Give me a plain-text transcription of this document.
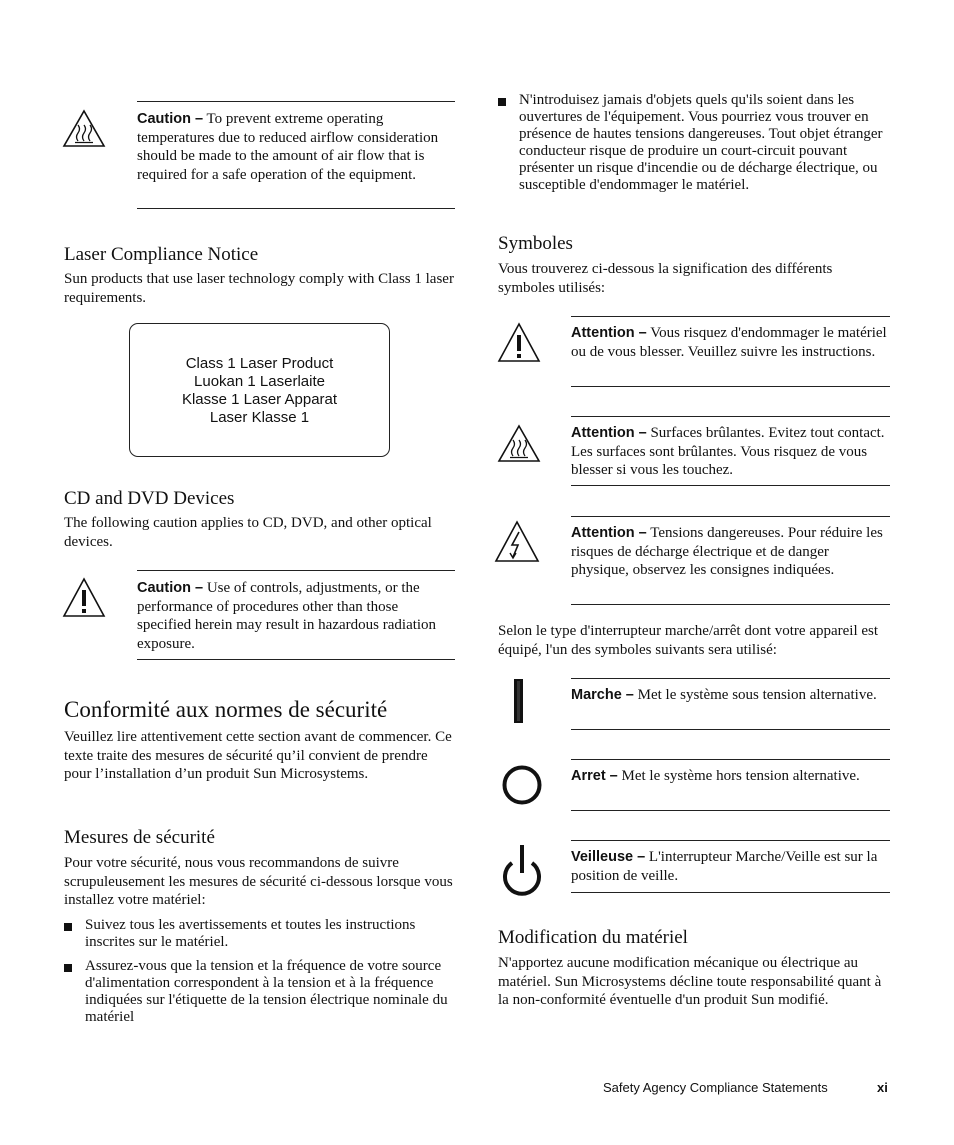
Caution – To prevent extreme operating temperatures due to reduced airflow consideration should be made to the amount of air flow that is required for a safe operation of the equipment.

Laser Compliance Notice

Sun products that use laser technology comply with Class 1 laser requirements.

Class 1 Laser Product
Luokan 1 Laserlaite
Klasse 1 Laser Apparat
Laser Klasse 1
CD and DVD Devices

The following caution applies to CD, DVD, and other optical devices.

Caution – Use of controls, adjustments, or the performance of procedures other than those specified herein may result in hazardous radiation exposure.

Conformité aux normes de sécurité

Veuillez lire attentivement cette section avant de commencer. Ce texte traite des mesures de sécurité qu’il convient de prendre pour l’installation d’un produit Sun Microsystems.

Mesures de sécurité

Pour votre sécurité, nous vous recommandons de suivre scrupuleusement les mesures de sécurité ci-dessous lorsque vous installez votre matériel:

Suivez tous les avertissements et toutes les instructions inscrites sur le matériel.
Assurez-vous que la tension et la fréquence de votre source d'alimentation correspondent à la tension et à la fréquence indiquées sur l'étiquette de la tension électrique nominale du matériel
N'introduisez jamais d'objets quels qu'ils soient dans les ouvertures de l'équipement. Vous pourriez vous trouver en présence de hautes tensions dangereuses. Tout objet étranger conducteur risque de produire un court-circuit pouvant présenter un risque d'incendie ou de décharge électrique, ou susceptible d'endommager le matériel.
Symboles

Vous trouverez ci-dessous la signification des différents symboles utilisés:

Attention – Vous risquez d'endommager le matériel ou de vous blesser. Veuillez suivre les instructions.

Attention – Surfaces brûlantes. Evitez tout contact. Les surfaces sont brûlantes. Vous risquez de vous blesser si vous les touchez.

Attention – Tensions dangereuses. Pour réduire les risques de décharge électrique et de danger physique, observez les consignes indiquées.

Selon le type d'interrupteur marche/arrêt dont votre appareil est équipé, l'un des symboles suivants sera utilisé:

Marche – Met le système sous tension alternative.

Arret – Met le système hors tension alternative.

Veilleuse – L'interrupteur Marche/Veille est sur la position de veille.

Modification du matériel

N'apportez aucune modification mécanique ou électrique au matériel. Sun Microsystems décline toute responsabilité quant à la non-conformité éventuelle d'un produit Sun modifié.

Safety Agency Compliance Statements	xi
